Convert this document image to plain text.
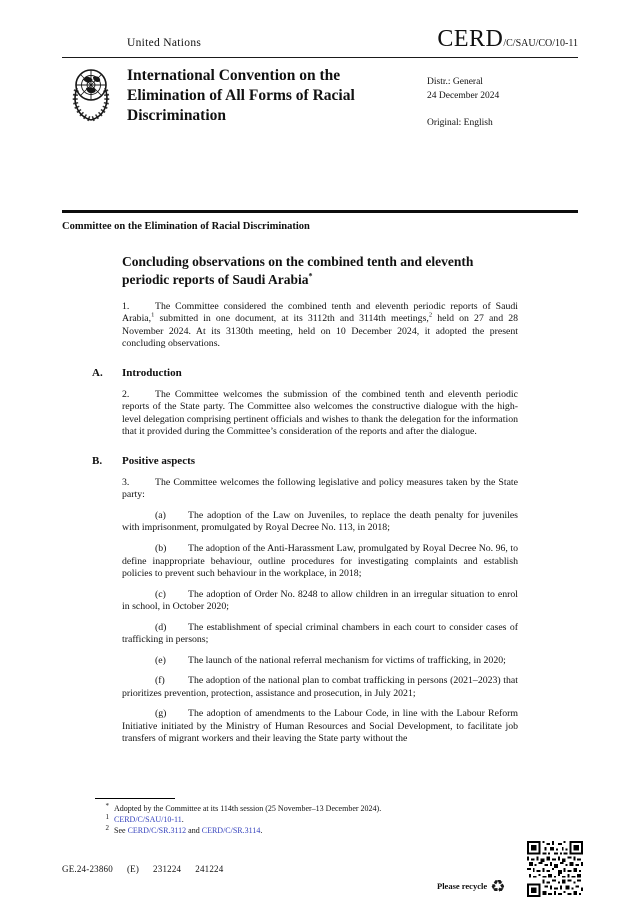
United Nations	CERD/C/SAU/CO/10-11
International Convention on the Elimination of All Forms of Racial Discrimination
Distr.: General
24 December 2024
Original: English
Committee on the Elimination of Racial Discrimination
Concluding observations on the combined tenth and eleventh periodic reports of Saudi Arabia*

1.	The Committee considered the combined tenth and eleventh periodic reports of Saudi Arabia,$^1$ submitted in one document, at its 3112th and 3114th meetings,$^2$ held on 27 and 28 November 2024. At its 3130th meeting, held on 10 December 2024, it adopted the present concluding observations.

A. Introduction

2.	The Committee welcomes the submission of the combined tenth and eleventh periodic reports of the State party. The Committee also welcomes the constructive dialogue with the high-level delegation comprising pertinent officials and wishes to thank the delegation for the information that it provided during the Committee’s consideration of the reports and after the dialogue.

B. Positive aspects

3.	The Committee welcomes the following legislative and policy measures taken by the State party:

(a) The adoption of the Law on Juveniles, to replace the death penalty for juveniles with imprisonment, promulgated by Royal Decree No. 113, in 2018;

(b) The adoption of the Anti-Harassment Law, promulgated by Royal Decree No. 96, to define inappropriate behaviour, outline procedures for investigating complaints and establish policies to prevent such behaviour in the workplace, in 2018;

(c) The adoption of Order No. 8248 to allow children in an irregular situation to enrol in school, in October 2020;

(d) The establishment of special criminal chambers in each court to consider cases of trafficking in persons;

(e) The launch of the national referral mechanism for victims of trafficking, in 2020;

(f) The adoption of the national plan to combat trafficking in persons (2021–2023) that prioritizes prevention, protection, assistance and prosecution, in July 2021;

(g) The adoption of amendments to the Labour Code, in line with the Labour Reform Initiative initiated by the Ministry of Human Resources and Social Development, to facilitate job transfers of migrant workers and their leaving the State party without the

* Adopted by the Committee at its 114th session (25 November–13 December 2024).
1 CERD/C/SAU/10-11.
2 See CERD/C/SR.3112 and CERD/C/SR.3114.
GE.24-23860 (E) 231224 241224
Please recycle ♻
